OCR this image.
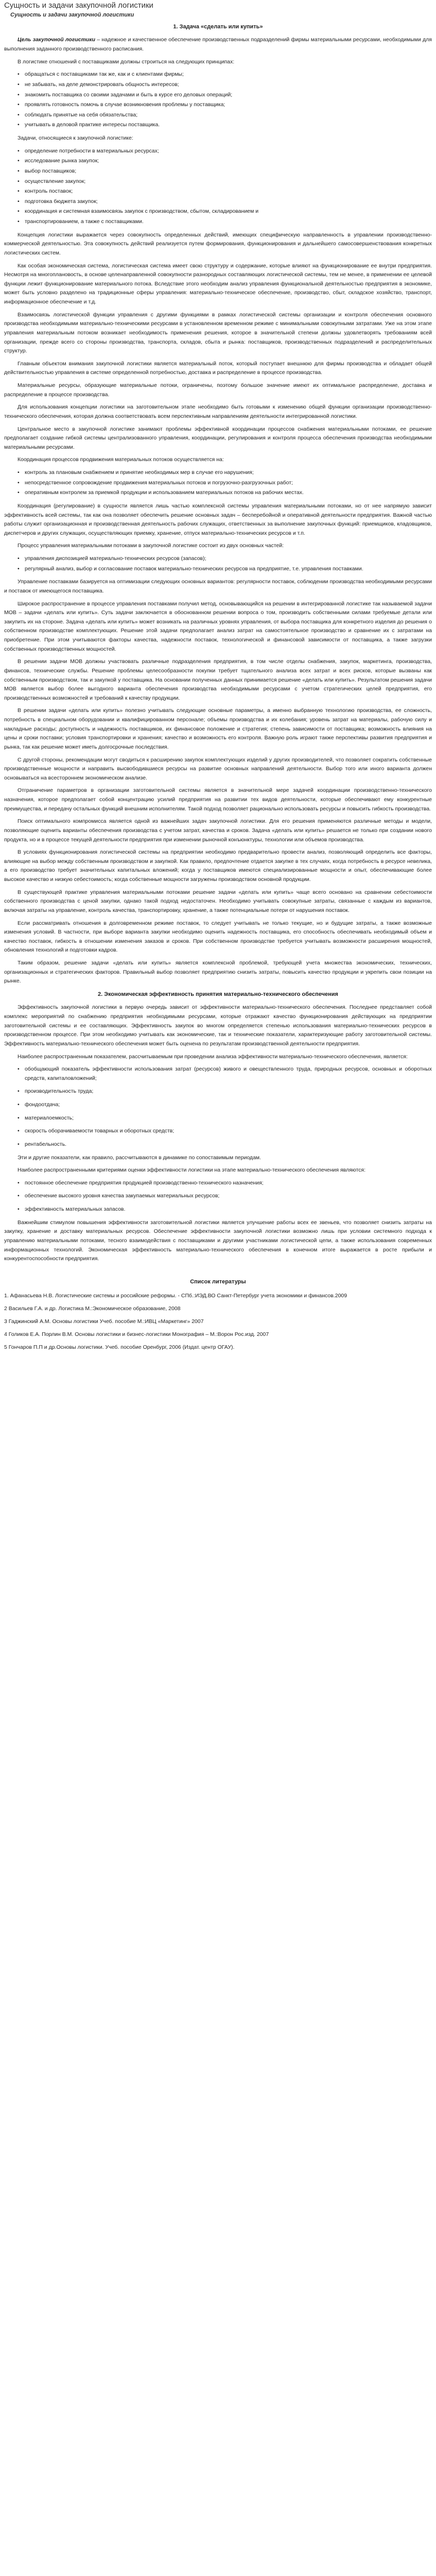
Сущность и задачи закупочной логистики
Сущность и задачи закупочной логистики
1. Задача «сделать или купить»

Цель закупочной логистики – надежное и качественное обеспечение производственных подразделений фирмы материальными ресурсами, необходимыми для выполнения заданного производственного расписания.

В логистике отношений с поставщиками должны строиться на следующих принципах:

• обращаться с поставщиками так же, как и с клиентами фирмы;
• не забывать, на деле демонстрировать общность интересов;
• знакомить поставщика со своими задачами и быть в курсе его деловых операций;
• проявлять готовность помочь в случае возникновения проблемы у поставщика;
• соблюдать принятые на себя обязательства;
• учитывать в деловой практике интересы поставщика.

Задачи, относящиеся к закупочной логистике:

• определение потребности в материальных ресурсах;
• исследование рынка закупок;
• выбор поставщиков;
• осуществление закупок;
• контроль поставок;
• подготовка бюджета закупок;
• координация и системная взаимосвязь закупок с производством, сбытом, складированием и
• транспортированием, а также с поставщиками.

Концепция логистики выражается через совокупность определенных действий, имеющих специфическую направленность в управлении производственно-коммерческой деятельностью. Эта совокупность действий реализуется путем формирования, функционирования и дальнейшего самосовершенствования конкретных логистических систем.

Как особая экономическая система, логистическая система имеет свою структуру и содержание, которые влияют на функционирование ее внутри предприятия. Несмотря на многоплановость, в основе целенаправленной совокупности разнородных составляющих логистической системы, тем не менее, в применении ее целевой функции лежит функционирование материального потока. Вследствие этого необходим анализ управления функциональной деятельностью предприятия в экономике, может быть условно разделено на традиционные сферы управления: материально-техническое обеспечение, производство, сбыт, складское хозяйство, транспорт, информационное обеспечение и т.д.

Взаимосвязь логистической функции управления с другими функциями в рамках логистической системы организации и контроля обеспечения основного производства необходимыми материально-техническими ресурсами в установленном временном режиме с минимальными совокупными затратами. Уже на этом этапе управления материальным потоком возникает необходимость применения решения, которое в значительной степени должны удовлетворять требованиям всей организации, прежде всего со стороны производства, транспорта, складов, сбыта и рынка: поставщиков, производственных подразделений и распределительных структур.

Главным объектом внимания закупочной логистики является материальный поток, который поступает внешнюю для фирмы производства и обладает общей действительностью управления в системе определенной потребностью, доставка и распределение в процессе производства.

Материальные ресурсы, образующие материальные потоки, ограничены, поэтому большое значение имеют их оптимальное распределение, доставка и распределение в процессе производства.

Для использования концепции логистики на заготовительном этапе необходимо быть готовыми к изменению общей функции организации производственно-технического обеспечения, которая должна соответствовать всем перспективным направлениям деятельности интегрированной логистики.

Центральное место в закупочной логистике занимают проблемы эффективной координации процессов снабжения материальными потоками, ее решение предполагает создание гибкой системы централизованного управления, координации, регулирования и контроля процесса обеспечения производства необходимыми материальными ресурсами.

Координация процессов продвижения материальных потоков осуществляется на:

• контроль за плановым снабжением и принятие необходимых мер в случае его нарушения;
• непосредственное сопровождение продвижения материальных потоков и погрузочно-разгрузочных работ;
• оперативным контролем за приемкой продукции и использованием материальных потоков на рабочих местах.

Координация (регулирование) в сущности является лишь частью комплексной системы управления материальными потоками, но от нее напрямую зависит эффективность всей системы, так как она позволяет обеспечить решение основных задач – бесперебойной и оперативной деятельности предприятия. Важной частью работы служит организационная и производственная деятельность рабочих служащих, ответственных за выполнение закупочных функций: приемщиков, кладовщиков, диспетчеров и других служащих, осуществляющих приемку, хранение, отпуск материально-технических ресурсов и т.п.

Процесс управления материальными потоками в закупочной логистике состоит из двух основных частей:

• управления диспозицией материально-технических ресурсов (запасов);
• регулярный анализ, выбор и согласование поставок материально-технических ресурсов на предприятие, т.е. управления поставками.

Управление поставками базируется на оптимизации следующих основных вариантов: регулярности поставок, соблюдении производства необходимыми ресурсами и поставок от имеющегося поставщика.

Широкое распространение в процессе управления поставками получил метод, основывающийся на решении в интегрированной логистике так называемой задачи МОВ – задачи «делать или купить». Суть задачи заключается в обоснованном решении вопроса о том, производить собственными силами требуемые детали или закупить их на стороне. Задача «делать или купить» может возникать на различных уровнях управления, от выбора поставщика для конкретного изделия до решения о собственном производстве комплектующих. Решение этой задачи предполагает анализ затрат на самостоятельное производство и сравнение их с затратами на приобретение. При этом учитываются факторы качества, надежности поставок, технологической и финансовой зависимости от поставщика, а также загрузки собственных производственных мощностей.

В решении задачи МОВ должны участвовать различные подразделения предприятия, в том числе отделы снабжения, закупок, маркетинга, производства, финансов, технические службы. Решение проблемы целесообразности покупки требует тщательного анализа всех затрат и всех рисков, которые вызваны как собственным производством, так и закупкой у поставщика. На основании полученных данных принимается решение «делать или купить». Результатом решения задачи МОВ является выбор более выгодного варианта обеспечения производства необходимыми ресурсами с учетом стратегических целей предприятия, его производственных возможностей и требований к качеству продукции.

В решении задачи «делать или купить» полезно учитывать следующие основные параметры, а именно выбранную технологию производства, ее сложность, потребность в специальном оборудовании и квалифицированном персонале; объемы производства и их колебания; уровень затрат на материалы, рабочую силу и накладные расходы; доступность и надежность поставщиков, их финансовое положение и стратегия; степень зависимости от поставщика; возможность влияния на цены и сроки поставки; условия транспортировки и хранения; качество и возможность его контроля. Важную роль играют также перспективы развития предприятия и рынка, так как решение может иметь долгосрочные последствия.

С другой стороны, рекомендации могут сводиться к расширению закупок комплектующих изделий у других производителей, что позволяет сократить собственные производственные мощности и направить высвободившиеся ресурсы на развитие основных направлений деятельности. Выбор того или иного варианта должен основываться на всестороннем экономическом анализе.

Отграничение параметров в организации заготовительной системы является в значительной мере задачей координации производственно-технического назначения, которое предполагает собой концентрацию усилий предприятия на развитии тех видов деятельности, которые обеспечивают ему конкурентные преимущества, и передачу остальных функций внешним исполнителям. Такой подход позволяет рационально использовать ресурсы и повысить гибкость производства.

Поиск оптимального компромисса является одной из важнейших задач закупочной логистики. Для его решения применяются различные методы и модели, позволяющие оценить варианты обеспечения производства с учетом затрат, качества и сроков. Задача «делать или купить» решается не только при создании нового продукта, но и в процессе текущей деятельности предприятия при изменении рыночной конъюнктуры, технологии или объемов производства.

В условиях функционирования логистической системы на предприятии необходимо предварительно провести анализ, позволяющий определить все факторы, влияющие на выбор между собственным производством и закупкой. Как правило, предпочтение отдается закупке в тех случаях, когда потребность в ресурсе невелика, а его производство требует значительных капитальных вложений; когда у поставщиков имеются специализированные мощности и опыт, обеспечивающие более высокое качество и низкую себестоимость; когда собственные мощности загружены производством основной продукции.

В существующей практике управления материальными потоками решение задачи «делать или купить» чаще всего основано на сравнении себестоимости собственного производства с ценой закупки, однако такой подход недостаточен. Необходимо учитывать совокупные затраты, связанные с каждым из вариантов, включая затраты на управление, контроль качества, транспортировку, хранение, а также потенциальные потери от нарушения поставок.

Если рассматривать отношения в долговременном режиме поставок, то следует учитывать не только текущие, но и будущие затраты, а также возможные изменения условий. В частности, при выборе варианта закупки необходимо оценить надежность поставщика, его способность обеспечивать необходимый объем и качество поставок, гибкость в отношении изменения заказов и сроков. При собственном производстве требуется учитывать возможности расширения мощностей, обновления технологий и подготовки кадров.

Таким образом, решение задачи «делать или купить» является комплексной проблемой, требующей учета множества экономических, технических, организационных и стратегических факторов. Правильный выбор позволяет предприятию снизить затраты, повысить качество продукции и укрепить свои позиции на рынке.

2. Экономическая эффективность принятия материально-технического обеспечения

Эффективность закупочной логистики в первую очередь зависит от эффективности материально-технического обеспечения. Последнее представляет собой комплекс мероприятий по снабжению предприятия необходимыми ресурсами, которые отражают качество функционирования действующих на предприятии заготовительной системы и ее составляющих. Эффективность закупок во многом определяется степенью использования материально-технических ресурсов в производственном процессе. При этом необходимо учитывать как экономические, так и технические показатели, характеризующие работу заготовительной системы. Эффективность материально-технического обеспечения может быть оценена по результатам производственной деятельности предприятия.

Наиболее распространенным показателем, рассчитываемым при проведении анализа эффективности материально-технического обеспечения, является:

• обобщающий показатель эффективности использования затрат (ресурсов) живого и овеществленного труда, природных ресурсов, основных и оборотных средств, капиталовложений;
• производительность труда;
• фондоотдача;
• материалоемкость;
• скорость оборачиваемости товарных и оборотных средств;
• рентабельность.

Эти и другие показатели, как правило, рассчитываются в динамике по сопоставимым периодам.

Наиболее распространенными критериями оценки эффективности логистики на этапе материально-технического обеспечения являются:

• постоянное обеспечение предприятия продукцией производственно-технического назначения;
• обеспечение высокого уровня качества закупаемых материальных ресурсов;
• эффективность материальных запасов.

Важнейшим стимулом повышения эффективности заготовительной логистики является улучшение работы всех ее звеньев, что позволяет снизить затраты на закупку, хранение и доставку материальных ресурсов. Обеспечение эффективности закупочной логистики возможно лишь при условии системного подхода к управлению материальными потоками, тесного взаимодействия с поставщиками и другими участниками логистической цепи, а также использования современных информационных технологий. Экономическая эффективность материально-технического обеспечения в конечном итоге выражается в росте прибыли и конкурентоспособности предприятия.

Список литературы
1. Афанасьева Н.В. Логистические системы и российские реформы. - СПб.:ИЭД.ВО Санкт-Петербург учета экономики и финансов.2009
2 Васильев Г.А. и др. Логистика М.:Экономическое образование, 2008
3 Гаджинский А.М. Основы логистики Учеб. пособие М.:ИВЦ «Маркетинг» 2007
4 Голиков Е.А. Порлин В.М. Основы логистики и бизнес-логистики Монография – М.:Ворон Рос.изд. 2007
5 Гончаров П.П и др.Основы логистики. Учеб. пособие Оренбург, 2006 (Издат. центр ОГАУ).
